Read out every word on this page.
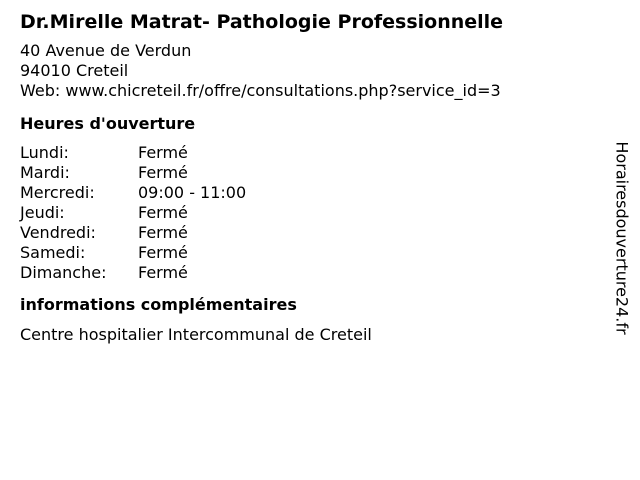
Dr.Mirelle Matrat- Pathologie Professionnelle
40 Avenue de Verdun
94010 Creteil
Web: www.chicreteil.fr/offre/consultations.php?service_id=3
Heures d'ouverture
Lundi:	Fermé
Mardi:	Fermé
Mercredi:	09:00 - 11:00
Jeudi:	Fermé
Vendredi:	Fermé
Samedi:	Fermé
Dimanche:	Fermé
informations complémentaires
Centre hospitalier Intercommunal de Creteil	Horairesdouverture24.fr
